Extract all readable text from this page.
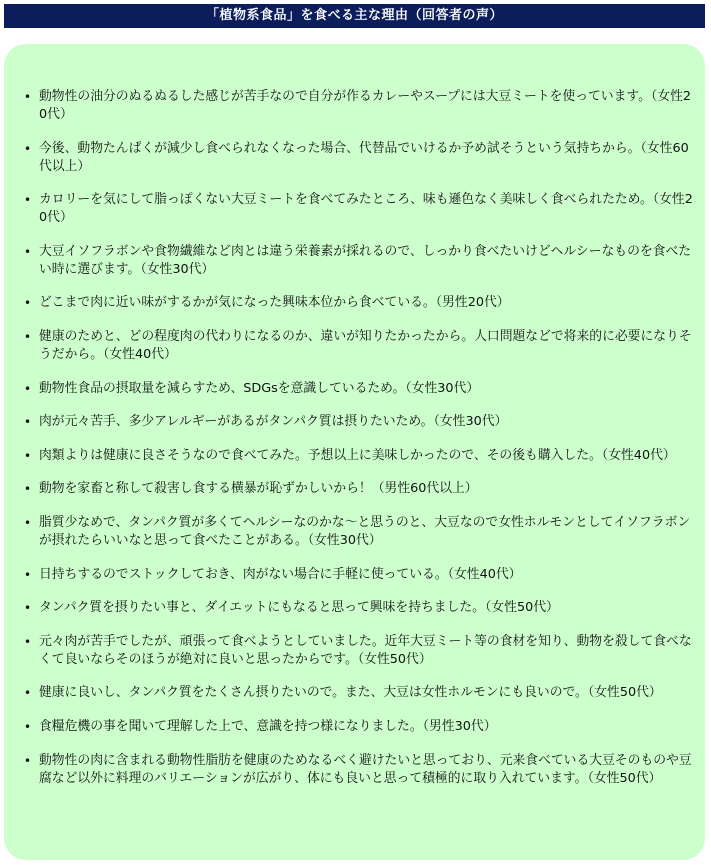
「植物系食品」を食べる主な理由（回答者の声）
• 動物性の油分のぬるぬるした感じが苦手なので自分が作るカレーやスープには大豆ミートを使っています。（女性20代）
• 今後、動物たんぱくが減少し食べられなくなった場合、代替品でいけるか予め試そうという気持ちから。（女性60代以上）
• カロリーを気にして脂っぽくない大豆ミートを食べてみたところ、味も遜色なく美味しく食べられたため。（女性20代）
• 大豆イソフラボンや食物繊維など肉とは違う栄養素が採れるので、しっかり食べたいけどヘルシーなものを食べたい時に選びます。（女性30代）
• どこまで肉に近い味がするかが気になった興味本位から食べている。（男性20代）
• 健康のためと、どの程度肉の代わりになるのか、違いが知りたかったから。人口問題などで将来的に必要になりそうだから。（女性40代）
• 動物性食品の摂取量を減らすため、SDGsを意識しているため。（女性30代）
• 肉が元々苦手、多少アレルギーがあるがタンパク質は摂りたいため。（女性30代）
• 肉類よりは健康に良さそうなので食べてみた。予想以上に美味しかったので、その後も購入した。（女性40代）
• 動物を家畜と称して殺害し食する横暴が恥ずかしいから！（男性60代以上）
• 脂質少なめで、タンパク質が多くてヘルシーなのかな～と思うのと、大豆なので女性ホルモンとしてイソフラボンが摂れたらいいなと思って食べたことがある。（女性30代）
• 日持ちするのでストックしておき、肉がない場合に手軽に使っている。（女性40代）
• タンパク質を摂りたい事と、ダイエットにもなると思って興味を持ちました。（女性50代）
• 元々肉が苦手でしたが、頑張って食べようとしていました。近年大豆ミート等の食材を知り、動物を殺して食べなくて良いならそのほうが絶対に良いと思ったからです。（女性50代）
• 健康に良いし、タンパク質をたくさん摂りたいので。また、大豆は女性ホルモンにも良いので。（女性50代）
• 食糧危機の事を聞いて理解した上で、意識を持つ様になりました。（男性30代）
• 動物性の肉に含まれる動物性脂肪を健康のためなるべく避けたいと思っており、元来食べている大豆そのものや豆腐など以外に料理のバリエーションが広がり、体にも良いと思って積極的に取り入れています。（女性50代）
